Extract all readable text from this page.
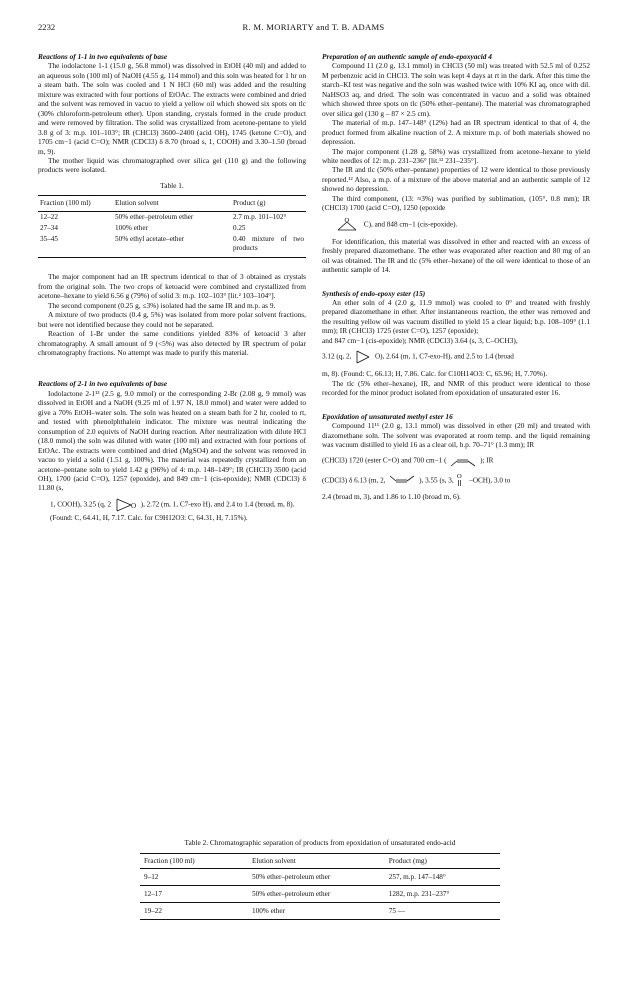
2232	R. M. MORIARTY and T. B. ADAMS
Reactions of 1-1 in two equivalents of base

The iodolactone 1-1 (15.0 g, 56.8 mmol) was dissolved in EtOH (40 ml) and added to an aqueous soln (100 ml) of NaOH (4.55 g, 114 mmol) and this soln was heated for 1 hr on a steam bath. The soln was cooled and 1 N HCl (60 ml) was added and the resulting mixture was extracted with four portions of EtOAc. The extracts were combined and dried and the solvent was removed in vacuo to yield a yellow oil which showed six spots on tlc (30% chloroform-petroleum ether). Upon standing, crystals formed in the crude product and were removed by filtration. The solid was crystallized from acetone-pentane to yield 3.8 g of 3: m.p. 101–103°; IR (CHCl3) 3600–2400 (acid OH), 1745 (ketone C=O), and 1705 cm−1 (acid C=O); NMR (CDCl3) δ 8.70 (broad s, 1, COOH) and 3.30–1.50 (broad m, 9).

The mother liquid was chromatographed over silica gel (110 g) and the following products were isolated.

Table 1.
Fraction (100 ml)	Elution solvent	Product (g)
12–22	50% ether–petroleum ether	2.7 m.p. 101–102°
27–34	100% ether	0.25
35–45	50% ethyl acetate–ether	0.40 mixture of two products

The major component had an IR spectrum identical to that of 3 obtained as crystals from the original soln. The two crops of ketoacid were combined and crystallized from acetone–hexane to yield 6.56 g (79%) of solid 3: m.p. 102–103° [lit.² 103–104°].

The second component (0.25 g, ≤3%) isolated had the same IR and m.p. as 9.

A mixture of two products (0.4 g, 5%) was isolated from more polar solvent fractions, but were not identified because they could not be separated.

Reaction of 1-Br under the same conditions yielded 83% of ketoacid 3 after chromatography. A small amount of 9 (<5%) was also detected by IR spectrum of polar chromatography fractions. No attempt was made to purify this material.

Reactions of 2-1 in two equivalents of base

Iodolactone 2-1¹³ (2.5 g, 9.0 mmol) or the corresponding 2-Br (2.08 g, 9 mmol) was dissolved in EtOH and a NaOH (9.25 ml of 1.97 N, 18.0 mmol) and water were added to give a 70% EtOH–water soln. The soln was heated on a steam bath for 2 hr, cooled to rt, and tested with phenolphthalein indicator. The mixture was neutral indicating the consumption of 2.0 equivts of NaOH during reaction. After neutralization with dilute HCl (18.0 mmol) the soln was diluted with water (100 ml) and extracted with four portions of EtOAc. The extracts were combined and dried (MgSO4) and the solvent was removed in vacuo to yield a solid (1.51 g, 100%). The material was repeatedly crystallized from an acetone–pentane soln to yield 1.42 g (96%) of 4: m.p. 148–149°; IR (CHCl3) 3500 (acid OH), 1700 (acid C=O), 1257 (epoxide), and 849 cm−1 (cis-epoxide); NMR (CDCl3) δ 11.80 (s,

1, COOH), 3.25 (q, 2	O ), 2.72 (m, 1, C7-exo H), and 2.4 to 1.4 (broad, m, 8). (Found: C, 64.41, H, 7.17. Calc. for C9H12O3: C, 64.31, H, 7.15%).
Preparation of an authentic sample of endo-epoxyacid 4

Compound 11 (2.0 g, 13.1 mmol) in CHCl3 (50 ml) was treated with 52.5 ml of 0.252 M perbenzoic acid in CHCl3. The soln was kept 4 days at rt in the dark. After this time the starch–KI test was negative and the soln was washed twice with 10% KI aq, once with dil. NaHSO3 aq, and dried. The soln was concentrated in vacuo and a solid was obtained which showed three spots on tlc (50% ether–pentane). The material was chromatographed over silica gel (130 g – 87 × 2.5 cm).

The material of m.p. 147–148° (12%) had an IR spectrum identical to that of 4, the product formed from alkaline reaction of 2. A mixture m.p. of both materials showed no depression.

The major component (1.28 g, 58%) was crystallized from acetone–hexane to yield white needles of 12: m.p. 231–236° [lit.¹² 231–235°].

The IR and tlc (50% ether–pentane) properties of 12 were identical to those previously reported.¹² Also, a m.p. of a mixture of the above material and an authentic sample of 12 showed no depression.

The third component, (13: ≈3%) was purified by sublimation, (105°, 0.8 mm); IR (CHCl3) 1700 (acid C=O), 1250 (epoxide

O
C), and 848 cm−1 (cis-epoxide).

For identification, this material was dissolved in ether and reacted with an excess of freshly prepared diazomethane. The ether was evaporated after reaction and 80 mg of an oil was obtained. The IR and tlc (5% ether–hexane) of the oil were identical to those of an authentic sample of 14.

Synthesis of endo-epoxy ester (15)

An ether soln of 4 (2.0 g, 11.9 mmol) was cooled to 0° and treated with freshly prepared diazomethane in ether. After instantaneous reaction, the ether was removed and the resulting yellow oil was vacuum distilled to yield 15 a clear liquid; b.p. 108–109° (1.1 mm); IR (CHCl3) 1725 (ester C=O), 1257 (epoxide);

and 847 cm−1 (cis-epoxide); NMR (CDCl3) 3.64 (s, 3, C–OCH3),

3.12 (q, 2,	O), 2.64 (m, 1, C7-exo-H), and 2.5 to 1.4 (broad

m, 8). (Found: C, 66.13; H, 7.86. Calc. for C10H14O3: C, 65.96; H, 7.70%).

The tlc (5% ether–hexane), IR, and NMR of this product were identical to those recorded for the minor product isolated from epoxidation of unsaturated ester 16.

Epoxidation of unsaturated methyl ester 16

Compound 11¹¹ (2.0 g, 13.1 mmol) was dissolved in ether (20 ml) and treated with diazomethane soln. The solvent was evaporated at room temp. and the liquid remaining was vacuum distilled to yield 16 as a clear oil, b.p. 70–71° (1.3 mm); IR

(CHCl3) 1720 (ester C=O) and 700 cm−1 (	); IR
(CDCl3) δ 6.13 (m, 2,	), 3.55 (s, 3,
O
–OCH), 3.0 to

2.4 (broad m, 3), and 1.86 to 1.10 (broad m, 6).

Table 2. Chromatographic separation of products from epoxidation of unsaturated endo-acid
Fraction (100 ml)	Elution solvent	Product (mg)
9–12	50% ether–petroleum ether	257, m.p. 147–148°
12–17	50% ether–petroleum ether	1282, m.p. 231–237°
19–22	100% ether	75 —
